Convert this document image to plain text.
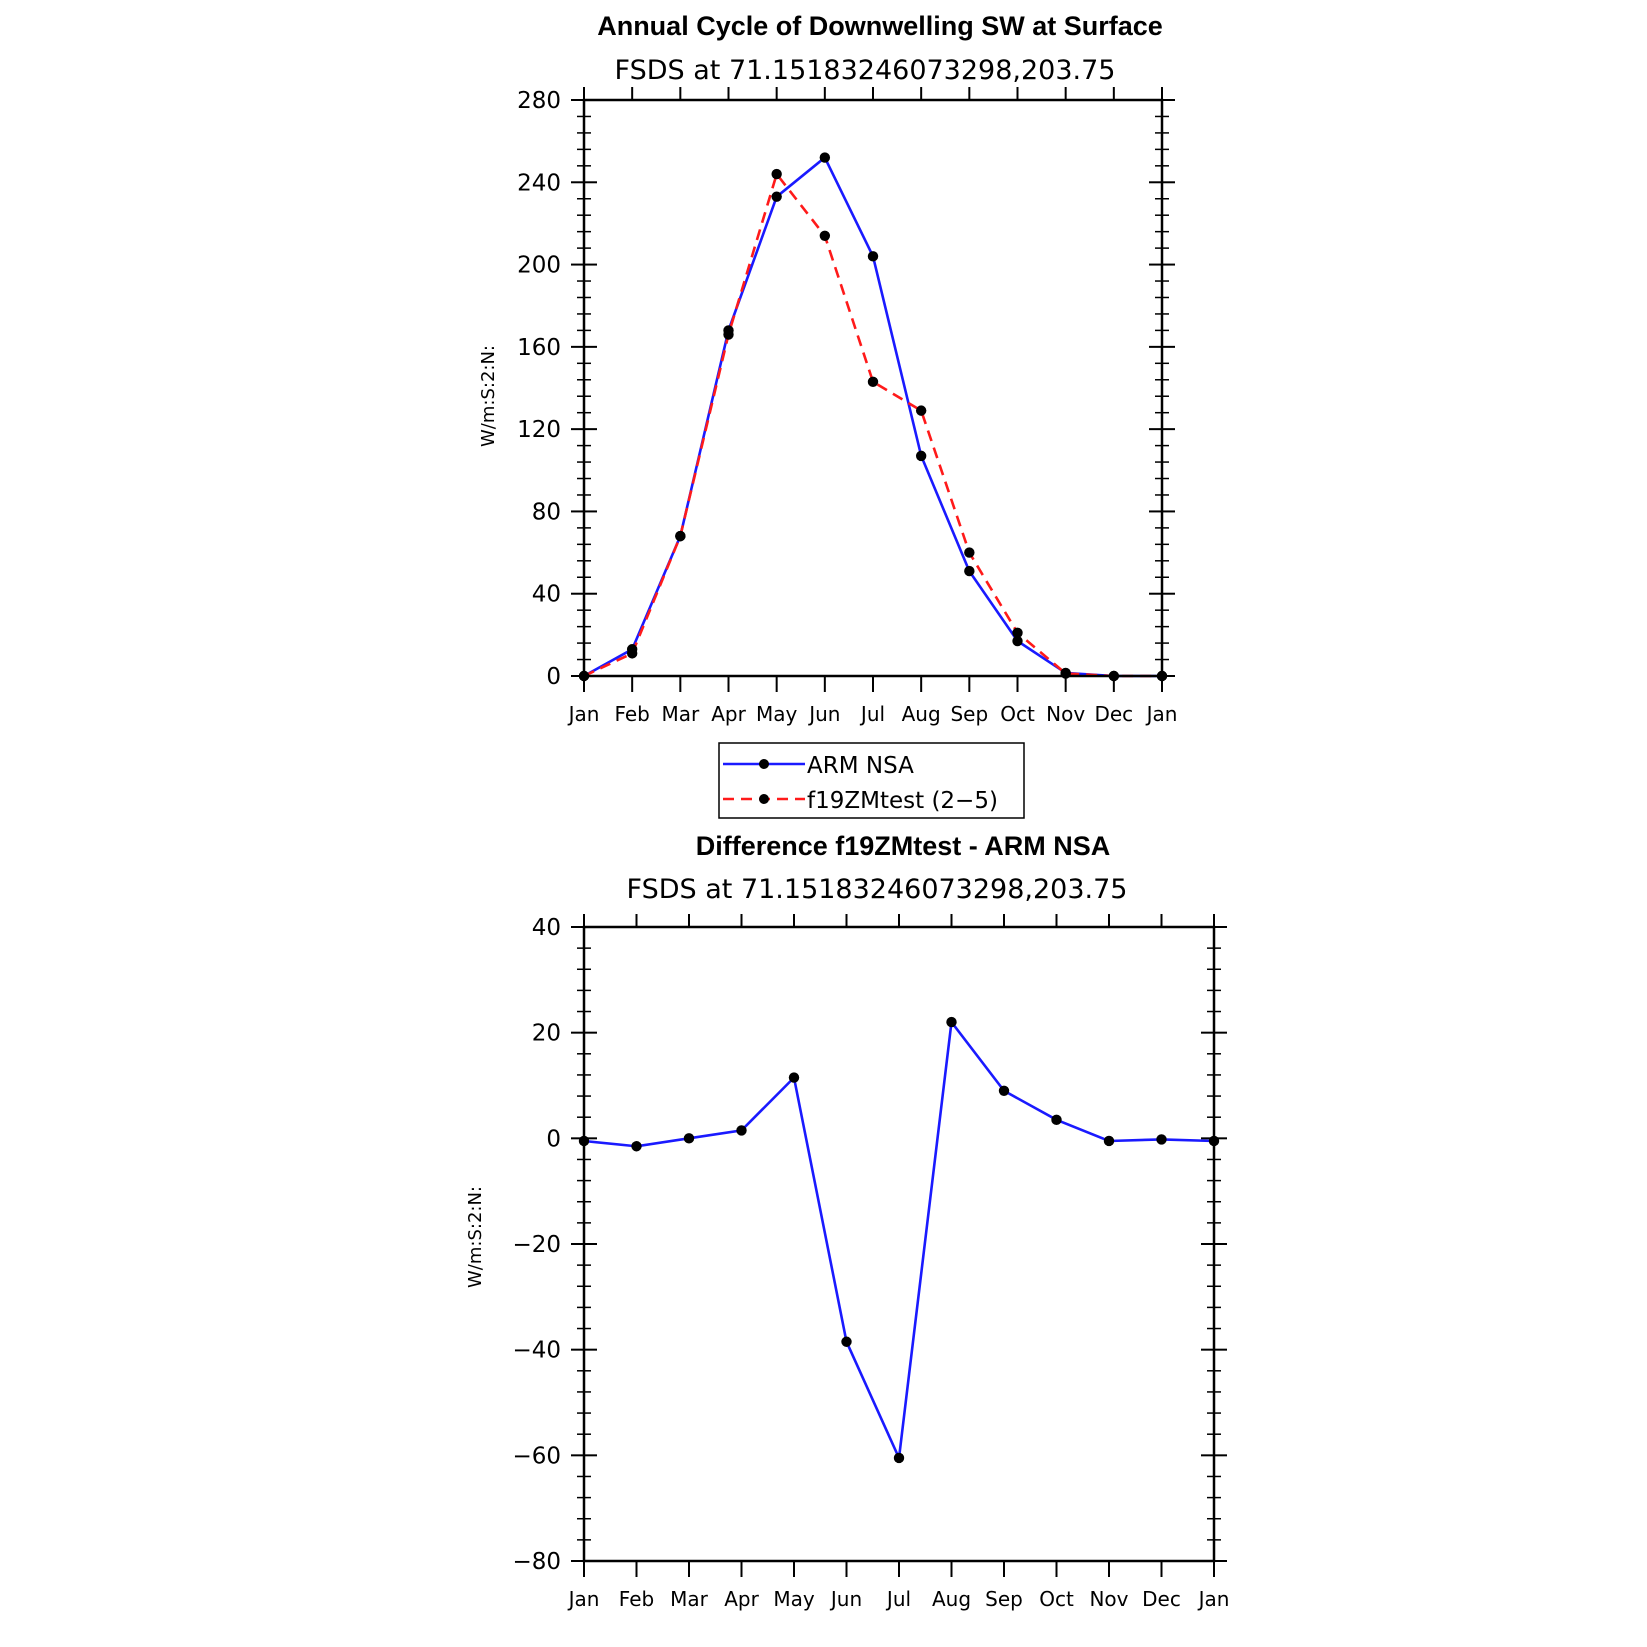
Annual Cycle of Downwelling SW at Surface
FSDS at 71.15183246073298,203.75
W/m:S:2:N:
0
40
80
120
160
200
240
280
Jan Feb Mar Apr May Jun Jul Aug Sep Oct Nov Dec Jan
ARM NSA
f19ZMtest (2−5)
Difference f19ZMtest - ARM NSA
FSDS at 71.15183246073298,203.75
W/m:S:2:N:
−80
−60
−40
−20
0
20
40
Jan Feb Mar Apr May Jun Jul Aug Sep Oct Nov Dec Jan
